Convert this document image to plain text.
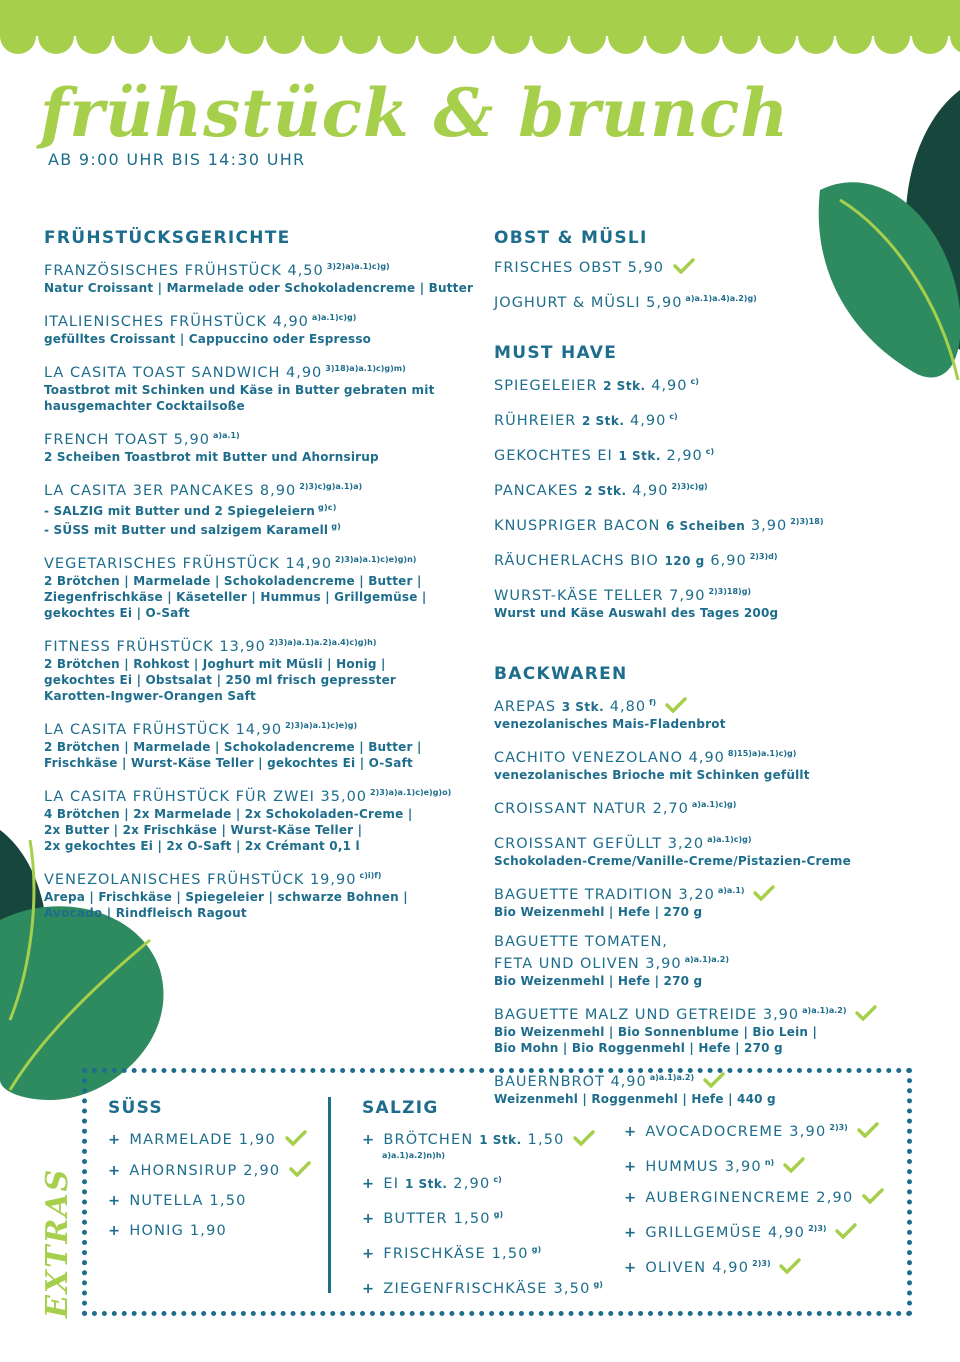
frühstück & brunch
AB 9:00 UHR BIS 14:30 UHR
FRÜHSTÜCKSGERICHTE
FRANZÖSISCHES FRÜHSTÜCK 4,50 $^{3)2)a)a.1)c)g)}$
Natur Croissant | Marmelade oder Schokoladencreme | Butter
ITALIENISCHES FRÜHSTÜCK 4,90 $^{a)a.1)c)g)}$
gefülltes Croissant | Cappuccino oder Espresso
LA CASITA TOAST SANDWICH 4,90 $^{3)18)a)a.1)c)g)m)}$
Toastbrot mit Schinken und Käse in Butter gebraten mit
hausgemachter Cocktailsoße
FRENCH TOAST 5,90 $^{a)a.1)}$
2 Scheiben Toastbrot mit Butter und Ahornsirup
LA CASITA 3ER PANCAKES 8,90 $^{2)3)c)g)a.1)a)}$
- SALZIG mit Butter und 2 Spiegeleiern $^{g)c)}$
- SÜSS mit Butter und salzigem Karamell $^{g)}$
VEGETARISCHES FRÜHSTÜCK 14,90 $^{2)3)a)a.1)c)e)g)n)}$
2 Brötchen | Marmelade | Schokoladencreme | Butter |
Ziegenfrischkäse | Käseteller | Hummus | Grillgemüse |
gekochtes Ei | O-Saft
FITNESS FRÜHSTÜCK 13,90 $^{2)3)a)a.1)a.2)a.4)c)g)h)}$
2 Brötchen | Rohkost | Joghurt mit Müsli | Honig |
gekochtes Ei | Obstsalat | 250 ml frisch gepresster
Karotten-Ingwer-Orangen Saft
LA CASITA FRÜHSTÜCK 14,90 $^{2)3)a)a.1)c)e)g)}$
2 Brötchen | Marmelade | Schokoladencreme | Butter |
Frischkäse | Wurst-Käse Teller | gekochtes Ei | O-Saft
LA CASITA FRÜHSTÜCK FÜR ZWEI 35,00 $^{2)3)a)a.1)c)e)g)o)}$
4 Brötchen | 2x Marmelade | 2x Schokoladen-Creme |
2x Butter | 2x Frischkäse | Wurst-Käse Teller |
2x gekochtes Ei | 2x O-Saft | 2x Crémant 0,1 l
VENEZOLANISCHES FRÜHSTÜCK 19,90 $^{c)i)f)}$
Arepa | Frischkäse | Spiegeleier | schwarze Bohnen |
Avocado | Rindfleisch Ragout
OBST & MÜSLI
FRISCHES OBST 5,90
JOGHURT & MÜSLI 5,90 $^{a)a.1)a.4)a.2)g)}$
MUST HAVE
SPIEGELEIER 2 Stk. 4,90 $^{c)}$
RÜHREIER 2 Stk. 4,90 $^{c)}$
GEKOCHTES EI 1 Stk. 2,90 $^{c)}$
PANCAKES 2 Stk. 4,90 $^{2)3)c)g)}$
KNUSPRIGER BACON 6 Scheiben 3,90 $^{2)3)18)}$
RÄUCHERLACHS BIO 120 g 6,90 $^{2)3)d)}$
WURST-KÄSE TELLER 7,90 $^{2)3)18)g)}$
Wurst und Käse Auswahl des Tages 200g
BACKWAREN
AREPAS 3 Stk. 4,80 $^{f)}$
venezolanisches Mais-Fladenbrot
CACHITO VENEZOLANO 4,90 $^{8)15)a)a.1)c)g)}$
venezolanisches Brioche mit Schinken gefüllt
CROISSANT NATUR 2,70 $^{a)a.1)c)g)}$
CROISSANT GEFÜLLT 3,20 $^{a)a.1)c)g)}$
Schokoladen-Creme/Vanille-Creme/Pistazien-Creme
BAGUETTE TRADITION 3,20 $^{a)a.1)}$
Bio Weizenmehl | Hefe | 270 g
BAGUETTE TOMATEN,
FETA UND OLIVEN 3,90 $^{a)a.1)a.2)}$
Bio Weizenmehl | Hefe | 270 g
BAGUETTE MALZ UND GETREIDE 3,90 $^{a)a.1)a.2)}$
Bio Weizenmehl | Bio Sonnenblume | Bio Lein |
Bio Mohn | Bio Roggenmehl | Hefe | 270 g
BAUERNBROT 4,90 $^{a)a.1)a.2)}$
Weizenmehl | Roggenmehl | Hefe | 440 g
EXTRAS
SÜSS
+ MARMELADE 1,90
+ AHORNSIRUP 2,90
+ NUTELLA 1,50
+ HONIG 1,90
SALZIG
+ BRÖTCHEN 1 Stk. 1,50
a)a.1)a.2)n)h)
+ EI 1 Stk. 2,90 $^{c)}$
+ BUTTER 1,50 $^{g)}$
+ FRISCHKÄSE 1,50 $^{g)}$
+ ZIEGENFRISCHKÄSE 3,50 $^{g)}$
+ AVOCADOCREME 3,90 $^{2)3)}$
+ HUMMUS 3,90 $^{n)}$
+ AUBERGINENCREME 2,90
+ GRILLGEMÜSE 4,90 $^{2)3)}$
+ OLIVEN 4,90 $^{2)3)}$
